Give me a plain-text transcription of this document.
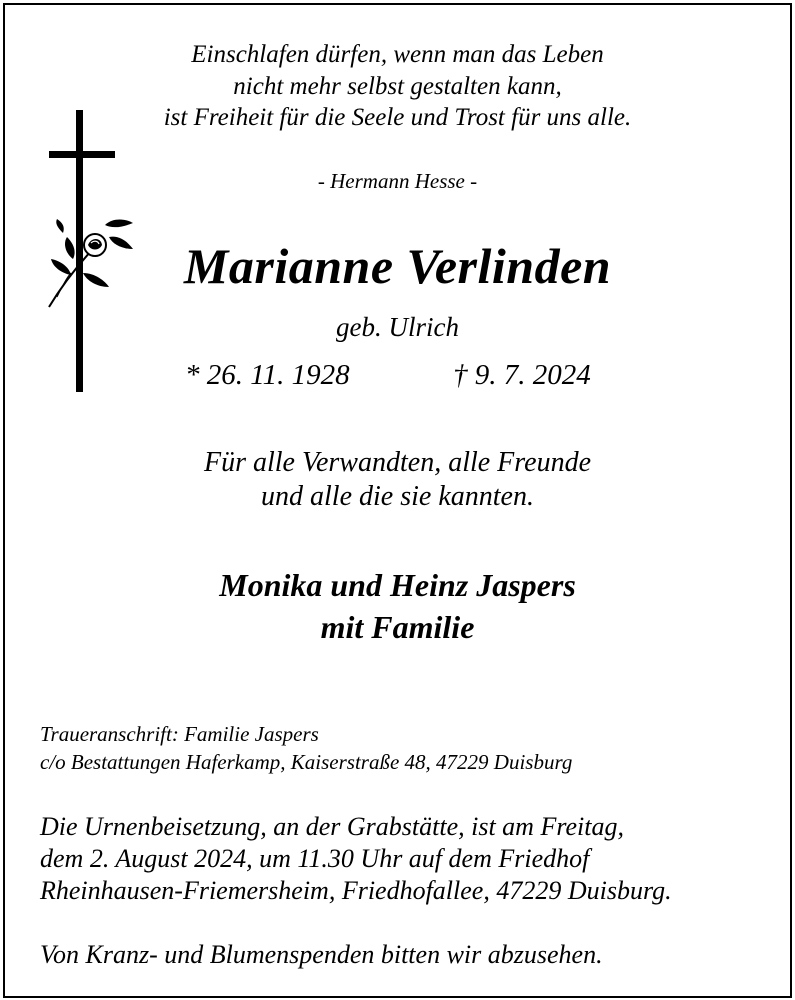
Einschlafen dürfen, wenn man das Leben
nicht mehr selbst gestalten kann,
ist Freiheit für die Seele und Trost für uns alle.
- Hermann Hesse -
Marianne Verlinden
geb. Ulrich
* 26. 11. 1928	† 9. 7. 2024
Für alle Verwandten, alle Freunde
und alle die sie kannten.
Monika und Heinz Jaspers
mit Familie
Traueranschrift: Familie Jaspers
c/o Bestattungen Haferkamp, Kaiserstraße 48, 47229 Duisburg
Die Urnenbeisetzung, an der Grabstätte, ist am Freitag,
dem 2. August 2024, um 11.30 Uhr auf dem Friedhof
Rheinhausen-Friemersheim, Friedhofallee, 47229 Duisburg.
Von Kranz- und Blumenspenden bitten wir abzusehen.
